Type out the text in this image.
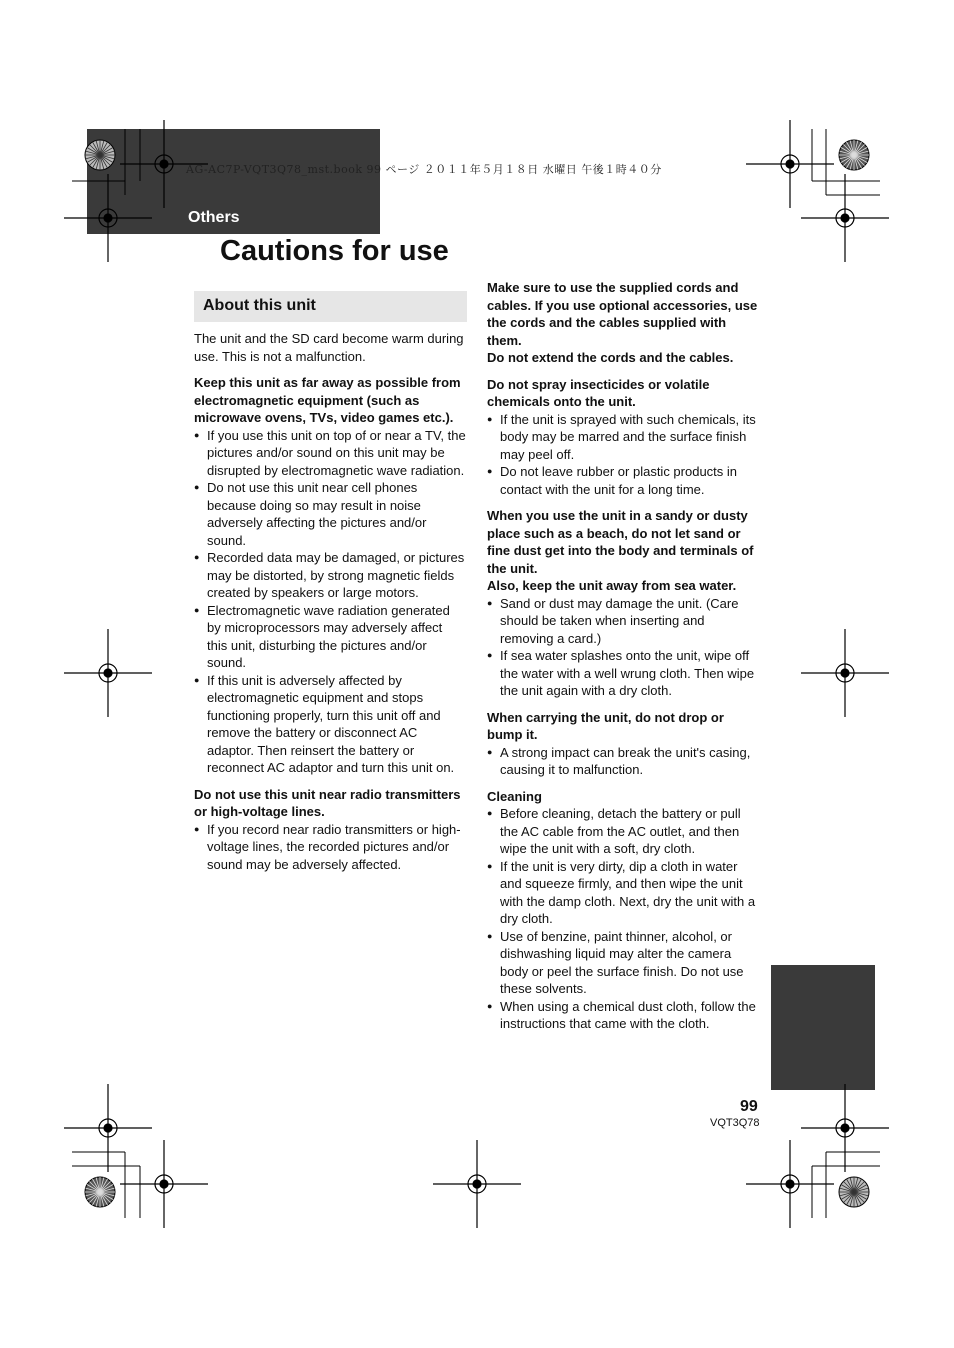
Others
AG-AC7P-VQT3Q78_mst.book 99 ページ ２０１１年５月１８日 水曜日 午後１時４０分
Cautions for use
About this unit

The unit and the SD card become warm during use. This is not a malfunction.

Keep this unit as far away as possible from electromagnetic equipment (such as microwave ovens, TVs, video games etc.).

● If you use this unit on top of or near a TV, the pictures and/or sound on this unit may be disrupted by electromagnetic wave radiation.

● Do not use this unit near cell phones because doing so may result in noise adversely affecting the pictures and/or sound.

● Recorded data may be damaged, or pictures may be distorted, by strong magnetic fields created by speakers or large motors.

● Electromagnetic wave radiation generated by microprocessors may adversely affect this unit, disturbing the pictures and/or sound.

● If this unit is adversely affected by electromagnetic equipment and stops functioning properly, turn this unit off and remove the battery or disconnect AC adaptor. Then reinsert the battery or reconnect AC adaptor and turn this unit on.

Do not use this unit near radio transmitters or high-voltage lines.

● If you record near radio transmitters or high-voltage lines, the recorded pictures and/or sound may be adversely affected.

Make sure to use the supplied cords and cables. If you use optional accessories, use the cords and the cables supplied with them.

Do not extend the cords and the cables.

Do not spray insecticides or volatile chemicals onto the unit.

● If the unit is sprayed with such chemicals, its body may be marred and the surface finish may peel off.

● Do not leave rubber or plastic products in contact with the unit for a long time.

When you use the unit in a sandy or dusty place such as a beach, do not let sand or fine dust get into the body and terminals of the unit.

Also, keep the unit away from sea water.

● Sand or dust may damage the unit. (Care should be taken when inserting and removing a card.)

● If sea water splashes onto the unit, wipe off the water with a well wrung cloth. Then wipe the unit again with a dry cloth.

When carrying the unit, do not drop or bump it.

● A strong impact can break the unit's casing, causing it to malfunction.

Cleaning

● Before cleaning, detach the battery or pull the AC cable from the AC outlet, and then wipe the unit with a soft, dry cloth.

● If the unit is very dirty, dip a cloth in water and squeeze firmly, and then wipe the unit with the damp cloth. Next, dry the unit with a dry cloth.

● Use of benzine, paint thinner, alcohol, or dishwashing liquid may alter the camera body or peel the surface finish. Do not use these solvents.

● When using a chemical dust cloth, follow the instructions that came with the cloth.

99
VQT3Q78
